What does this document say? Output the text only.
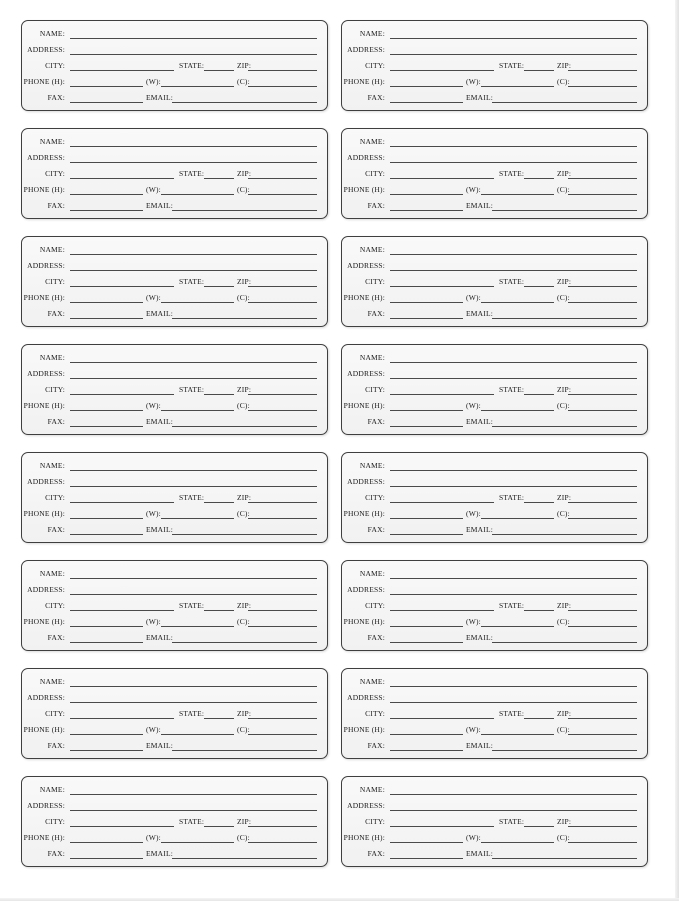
NAME:
ADDRESS:
CITY:	STATE:	ZIP:
PHONE (H):	(W):	(C):
FAX:	EMAIL:
NAME:
ADDRESS:
CITY:	STATE:	ZIP:
PHONE (H):	(W):	(C):
FAX:	EMAIL:
NAME:
ADDRESS:
CITY:	STATE:	ZIP:
PHONE (H):	(W):	(C):
FAX:	EMAIL:
NAME:
ADDRESS:
CITY:	STATE:	ZIP:
PHONE (H):	(W):	(C):
FAX:	EMAIL:
NAME:
ADDRESS:
CITY:	STATE:	ZIP:
PHONE (H):	(W):	(C):
FAX:	EMAIL:
NAME:
ADDRESS:
CITY:	STATE:	ZIP:
PHONE (H):	(W):	(C):
FAX:	EMAIL:
NAME:
ADDRESS:
CITY:	STATE:	ZIP:
PHONE (H):	(W):	(C):
FAX:	EMAIL:
NAME:
ADDRESS:
CITY:	STATE:	ZIP:
PHONE (H):	(W):	(C):
FAX:	EMAIL:
NAME:
ADDRESS:
CITY:	STATE:	ZIP:
PHONE (H):	(W):	(C):
FAX:	EMAIL:
NAME:
ADDRESS:
CITY:	STATE:	ZIP:
PHONE (H):	(W):	(C):
FAX:	EMAIL:
NAME:
ADDRESS:
CITY:	STATE:	ZIP:
PHONE (H):	(W):	(C):
FAX:	EMAIL:
NAME:
ADDRESS:
CITY:	STATE:	ZIP:
PHONE (H):	(W):	(C):
FAX:	EMAIL:
NAME:
ADDRESS:
CITY:	STATE:	ZIP:
PHONE (H):	(W):	(C):
FAX:	EMAIL:
NAME:
ADDRESS:
CITY:	STATE:	ZIP:
PHONE (H):	(W):	(C):
FAX:	EMAIL:
NAME:
ADDRESS:
CITY:	STATE:	ZIP:
PHONE (H):	(W):	(C):
FAX:	EMAIL:
NAME:
ADDRESS:
CITY:	STATE:	ZIP:
PHONE (H):	(W):	(C):
FAX:	EMAIL:
